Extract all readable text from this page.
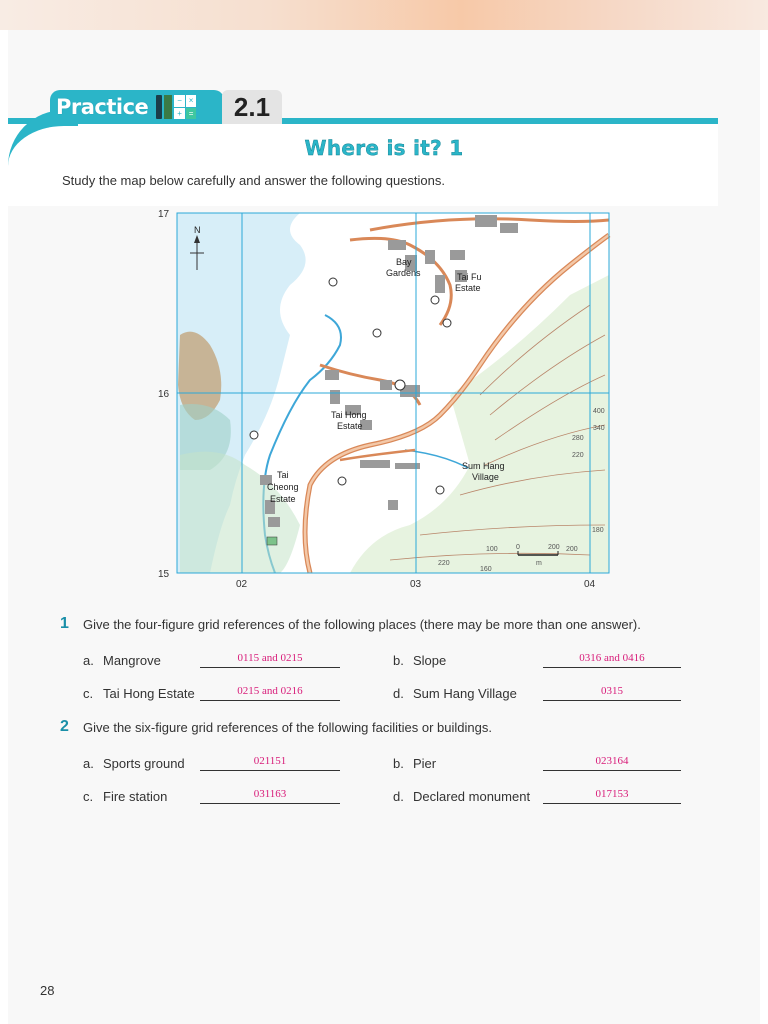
Practice	− ×
+ =	2.1
Where is it? 1
Study the map below carefully and answer the following questions.
N
17
16
15
02	03	04
Bay
Gardens	Tai Fu
Estate
Tai Hong
Estate
Tai
Cheong
Estate
Sum Hang
Village
400
340
280
220
180
100	200
220
160
0	200
m
1 Give the four-figure grid references of the following places (there may be more than one answer).
a. Mangrove	0115 and 0215	b. Slope	0316 and 0416
c. Tai Hong Estate	0215 and 0216	d. Sum Hang Village	0315
2 Give the six-figure grid references of the following facilities or buildings.
a. Sports ground	021151	b. Pier	023164
c. Fire station	031163	d. Declared monument	017153
28
